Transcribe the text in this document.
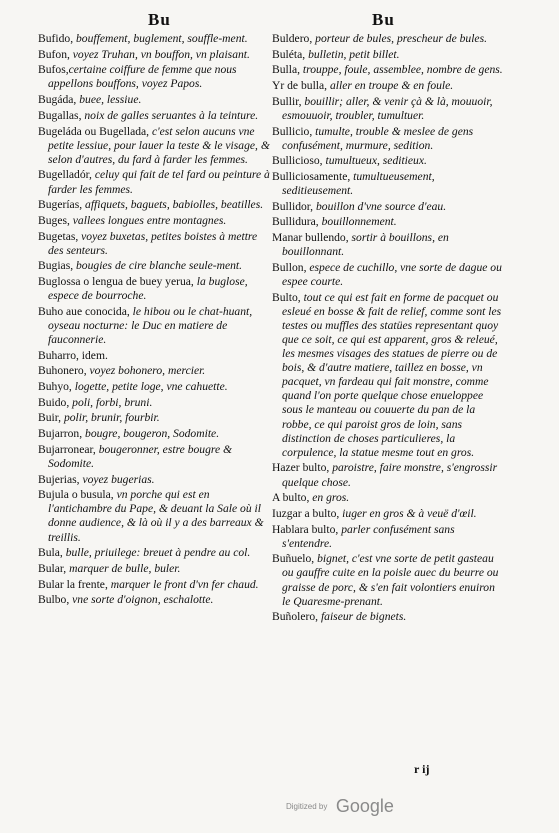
Bu	Bu

Bufido, bouffement, buglement, souffle-ment.

Bufon, voyez Truhan, vn bouffon, vn plaisant.

Bufos,certaine coiffure de femme que nous appellons bouffons, voyez Papos.

Bugáda, buee, lessiue.

Bugallas, noix de galles seruantes à la teinture.

Bugeláda ou Bugellada, c'est selon aucuns vne petite lessiue, pour lauer la teste & le visage, & selon d'autres, du fard à farder les femmes.

Bugelladór, celuy qui fait de tel fard ou peinture à farder les femmes.

Bugerías, affiquets, baguets, babiolles, beatilles.

Buges, vallees longues entre montagnes.

Bugetas, voyez buxetas, petites boistes à mettre des senteurs.

Bugias, bougies de cire blanche seule-ment.

Buglossa o lengua de buey yerua, la buglose, espece de bourroche.

Buho aue conocida, le hibou ou le chat-huant, oyseau nocturne: le Duc en matiere de fauconnerie.

Buharro, idem.

Buhonero, voyez bohonero, mercier.

Buhyo, logette, petite loge, vne cahuette.

Buido, poli, forbi, bruni.

Buir, polir, brunir, fourbir.

Bujarron, bougre, bougeron, Sodomite.

Bujarronear, bougeronner, estre bougre & Sodomite.

Bujerias, voyez bugerias.

Bujula o busula, vn porche qui est en l'antichambre du Pape, & deuant la Sale où il donne audience, & là où il y a des barreaux & treillis.

Bula, bulle, priuilege: breuet à pendre au col.

Bular, marquer de bulle, buler.

Bular la frente, marquer le front d'vn fer chaud.

Bulbo, vne sorte d'oignon, eschalotte.

Buldero, porteur de bules, prescheur de bules.

Buléta, bulletin, petit billet.

Bulla, trouppe, foule, assemblee, nombre de gens.

Yr de bulla, aller en troupe & en foule.

Bullir, bouillir; aller, & venir çà & là, mouuoir, esmouuoir, troubler, tumultuer.

Bullicio, tumulte, trouble & meslee de gens confusément, murmure, sedition.

Bullicioso, tumultueux, seditieux.

Bulliciosamente, tumultueusement, seditieusement.

Bullidor, bouillon d'vne source d'eau.

Bullidura, bouillonnement.

Manar bullendo, sortir à bouillons, en bouillonnant.

Bullon, espece de cuchillo, vne sorte de dague ou espee courte.

Bulto, tout ce qui est fait en forme de pacquet ou esleué en bosse & fait de relief, comme sont les testes ou muffles des statües representant quoy que ce soit, ce qui est apparent, gros & releué, les mesmes visages des statues de pierre ou de bois, & d'autre matiere, taillez en bosse, vn pacquet, vn fardeau qui fait monstre, comme quand l'on porte quelque chose enueloppee sous le manteau ou couuerte du pan de la robbe, ce qui paroist gros de loin, sans distinction de choses particulieres, la corpulence, la statue mesme tout en gros.

Hazer bulto, paroistre, faire monstre, s'engrossir quelque chose.

A bulto, en gros.

Iuzgar a bulto, iuger en gros & à veuë d'œil.

Hablara bulto, parler confusément sans s'entendre.

Buñuelo, bignet, c'est vne sorte de petit gasteau ou gauffre cuite en la poisle auec du beurre ou graisse de porc, & s'en fait volontiers enuiron le Quaresme-prenant.

Buñolero, faiseur de bignets.

r ij
Digitized by Google
